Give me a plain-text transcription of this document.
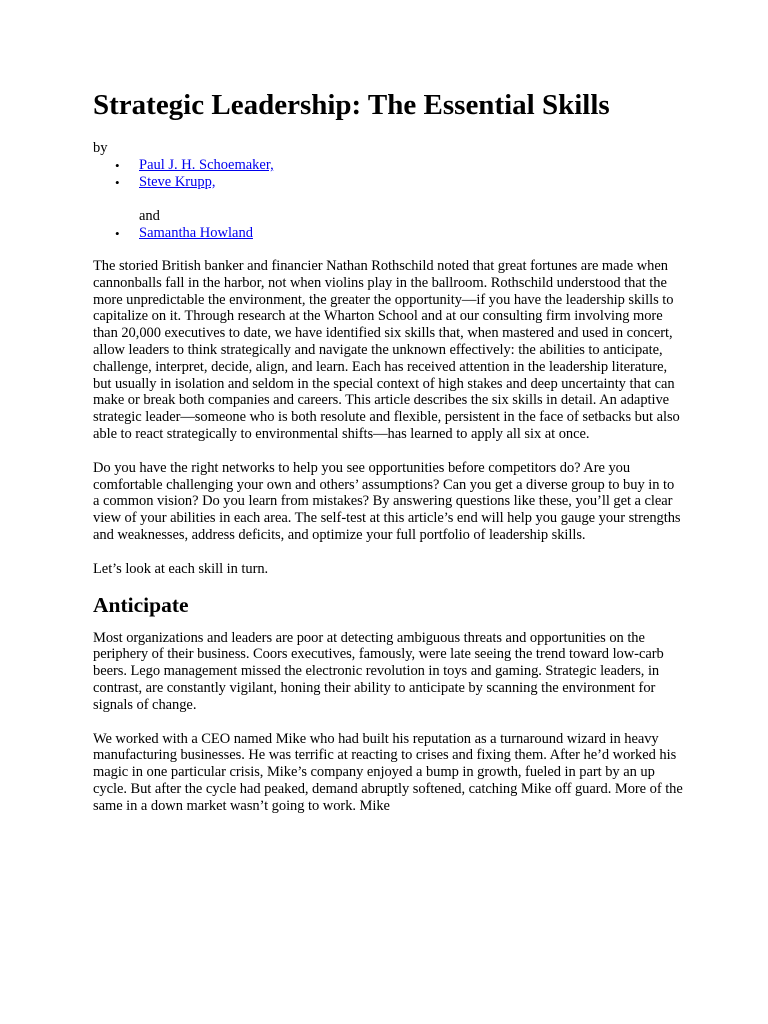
Strategic Leadership: The Essential Skills
by
• Paul J. H. Schoemaker,
• Steve Krupp,
and
• Samantha Howland

The storied British banker and financier Nathan Rothschild noted that great fortunes are made when cannonballs fall in the harbor, not when violins play in the ballroom. Rothschild understood that the more unpredictable the environment, the greater the opportunity—if you have the leadership skills to capitalize on it. Through research at the Wharton School and at our consulting firm involving more than 20,000 executives to date, we have identified six skills that, when mastered and used in concert, allow leaders to think strategically and navigate the unknown effectively: the abilities to anticipate, challenge, interpret, decide, align, and learn. Each has received attention in the leadership literature, but usually in isolation and seldom in the special context of high stakes and deep uncertainty that can make or break both companies and careers. This article describes the six skills in detail. An adaptive strategic leader—someone who is both resolute and flexible, persistent in the face of setbacks but also able to react strategically to environmental shifts—has learned to apply all six at once.

Do you have the right networks to help you see opportunities before competitors do? Are you comfortable challenging your own and others’ assumptions? Can you get a diverse group to buy in to a common vision? Do you learn from mistakes? By answering questions like these, you’ll get a clear view of your abilities in each area. The self-test at this article’s end will help you gauge your strengths and weaknesses, address deficits, and optimize your full portfolio of leadership skills.

Let’s look at each skill in turn.

Anticipate

Most organizations and leaders are poor at detecting ambiguous threats and opportunities on the periphery of their business. Coors executives, famously, were late seeing the trend toward low-carb beers. Lego management missed the electronic revolution in toys and gaming. Strategic leaders, in contrast, are constantly vigilant, honing their ability to anticipate by scanning the environment for signals of change.

We worked with a CEO named Mike who had built his reputation as a turnaround wizard in heavy manufacturing businesses. He was terrific at reacting to crises and fixing them. After he’d worked his magic in one particular crisis, Mike’s company enjoyed a bump in growth, fueled in part by an up cycle. But after the cycle had peaked, demand abruptly softened, catching Mike off guard. More of the same in a down market wasn’t going to work. Mike
